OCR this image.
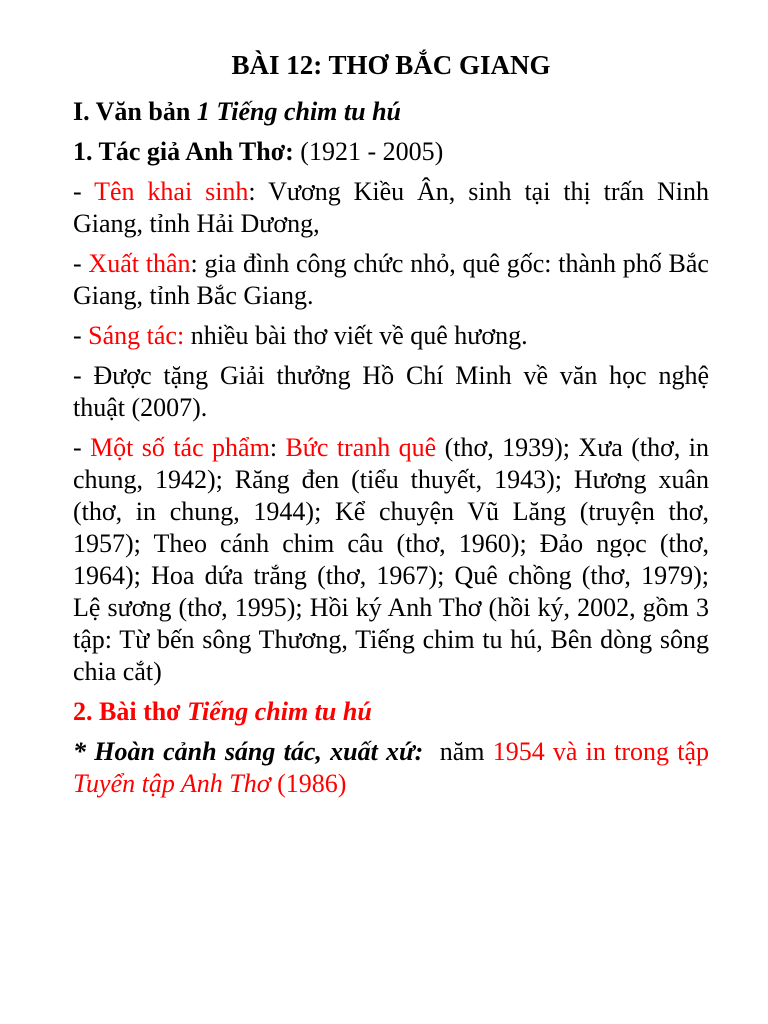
BÀI 12: THƠ BẮC GIANG

I. Văn bản 1 Tiếng chim tu hú

1. Tác giả Anh Thơ: (1921 - 2005)

- Tên khai sinh: Vương Kiều Ân, sinh tại thị trấn Ninh Giang, tỉnh Hải Dương,

- Xuất thân: gia đình công chức nhỏ, quê gốc: thành phố Bắc Giang, tỉnh Bắc Giang.

- Sáng tác: nhiều bài thơ viết về quê hương.

- Được tặng Giải thưởng Hồ Chí Minh về văn học nghệ thuật (2007).

- Một số tác phẩm: Bức tranh quê (thơ, 1939); Xưa (thơ, in chung, 1942); Răng đen (tiểu thuyết, 1943); Hương xuân (thơ, in chung, 1944); Kể chuyện Vũ Lăng (truyện thơ, 1957); Theo cánh chim câu (thơ, 1960); Đảo ngọc (thơ, 1964); Hoa dứa trắng (thơ, 1967); Quê chồng (thơ, 1979); Lệ sương (thơ, 1995); Hồi ký Anh Thơ (hồi ký, 2002, gồm 3 tập: Từ bến sông Thương, Tiếng chim tu hú, Bên dòng sông chia cắt)

2. Bài thơ Tiếng chim tu hú

* Hoàn cảnh sáng tác, xuất xứ:  năm 1954 và in trong tập Tuyển tập Anh Thơ (1986)
